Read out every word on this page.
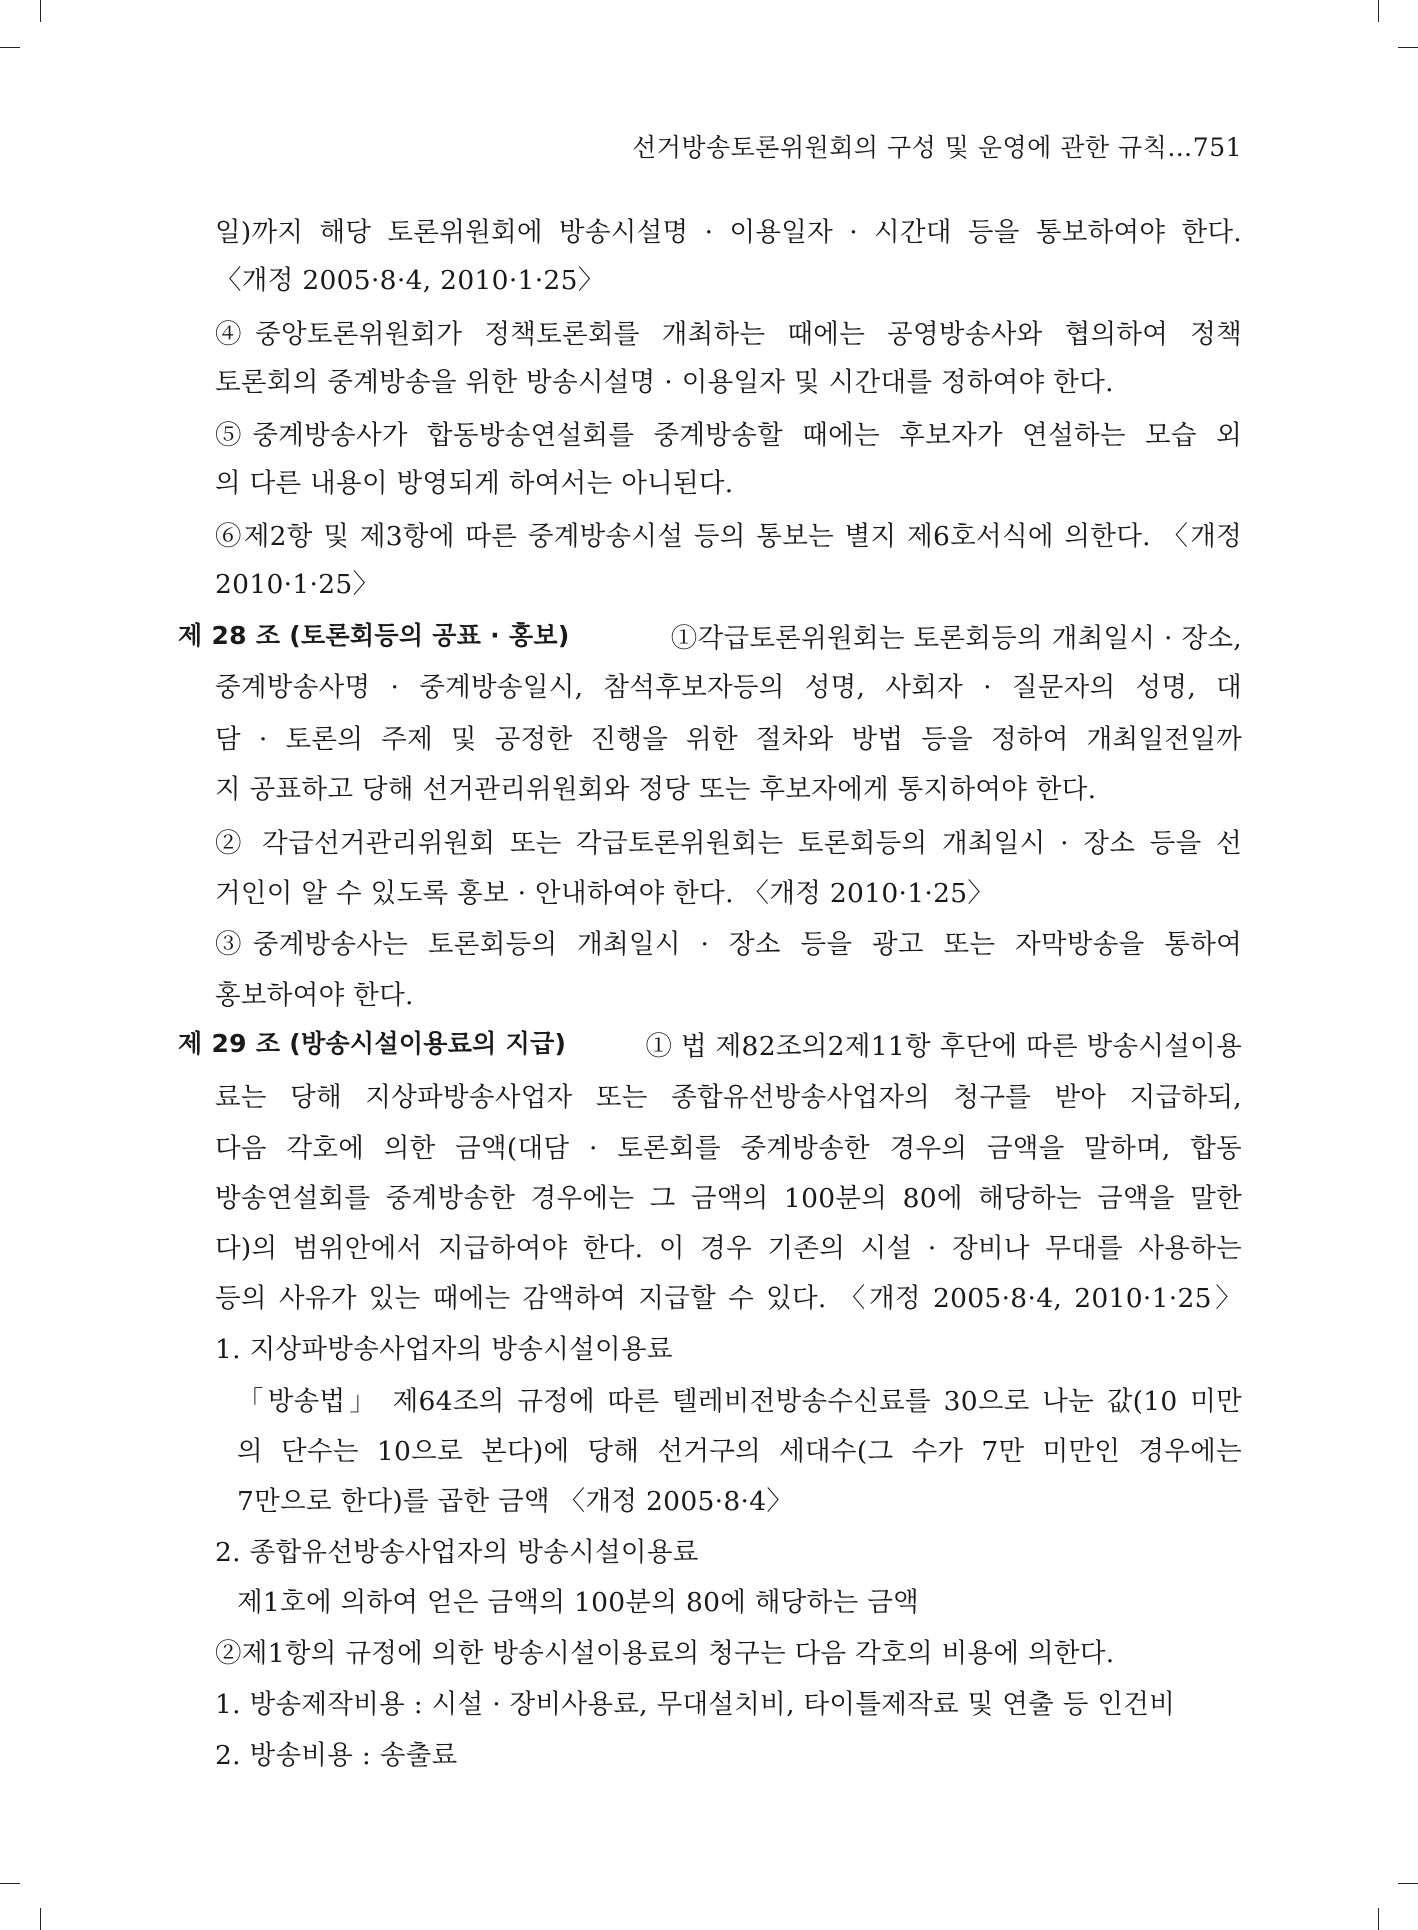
선거방송토론위원회의 구성 및 운영에 관한 규칙…751
일)까지 해당 토론위원회에 방송시설명 · 이용일자 · 시간대 등을 통보하여야 한다.
〈개정 2005·8·4, 2010·1·25〉
④중앙토론위원회가 정책토론회를 개최하는 때에는 공영방송사와 협의하여 정책
토론회의 중계방송을 위한 방송시설명 · 이용일자 및 시간대를 정하여야 한다.
⑤중계방송사가 합동방송연설회를 중계방송할 때에는 후보자가 연설하는 모습 외
의 다른 내용이 방영되게 하여서는 아니된다.
⑥제2항 및 제3항에 따른 중계방송시설 등의 통보는 별지 제6호서식에 의한다. 〈개정
2010·1·25〉
제 28 조 (토론회등의 공표 · 홍보)	①각급토론위원회는 토론회등의 개최일시 · 장소,
중계방송사명 · 중계방송일시, 참석후보자등의 성명, 사회자 · 질문자의 성명, 대
담 · 토론의 주제 및 공정한 진행을 위한 절차와 방법 등을 정하여 개최일전일까
지 공표하고 당해 선거관리위원회와 정당 또는 후보자에게 통지하여야 한다.
② 각급선거관리위원회 또는 각급토론위원회는 토론회등의 개최일시 · 장소 등을 선
거인이 알 수 있도록 홍보 · 안내하여야 한다. 〈개정 2010·1·25〉
③중계방송사는 토론회등의 개최일시 · 장소 등을 광고 또는 자막방송을 통하여
홍보하여야 한다.
제 29 조 (방송시설이용료의 지급)	① 법 제82조의2제11항 후단에 따른 방송시설이용
료는 당해 지상파방송사업자 또는 종합유선방송사업자의 청구를 받아 지급하되,
다음 각호에 의한 금액(대담 · 토론회를 중계방송한 경우의 금액을 말하며, 합동
방송연설회를 중계방송한 경우에는 그 금액의 100분의 80에 해당하는 금액을 말한
다)의 범위안에서 지급하여야 한다. 이 경우 기존의 시설 · 장비나 무대를 사용하는
등의 사유가 있는 때에는 감액하여 지급할 수 있다. 〈개정 2005·8·4, 2010·1·25〉
1. 지상파방송사업자의 방송시설이용료
「방송법」 제64조의 규정에 따른 텔레비전방송수신료를 30으로 나눈 값(10 미만
의 단수는 10으로 본다)에 당해 선거구의 세대수(그 수가 7만 미만인 경우에는
7만으로 한다)를 곱한 금액 〈개정 2005·8·4〉
2. 종합유선방송사업자의 방송시설이용료
제1호에 의하여 얻은 금액의 100분의 80에 해당하는 금액
②제1항의 규정에 의한 방송시설이용료의 청구는 다음 각호의 비용에 의한다.
1. 방송제작비용 : 시설 · 장비사용료, 무대설치비, 타이틀제작료 및 연출 등 인건비
2. 방송비용 : 송출료
